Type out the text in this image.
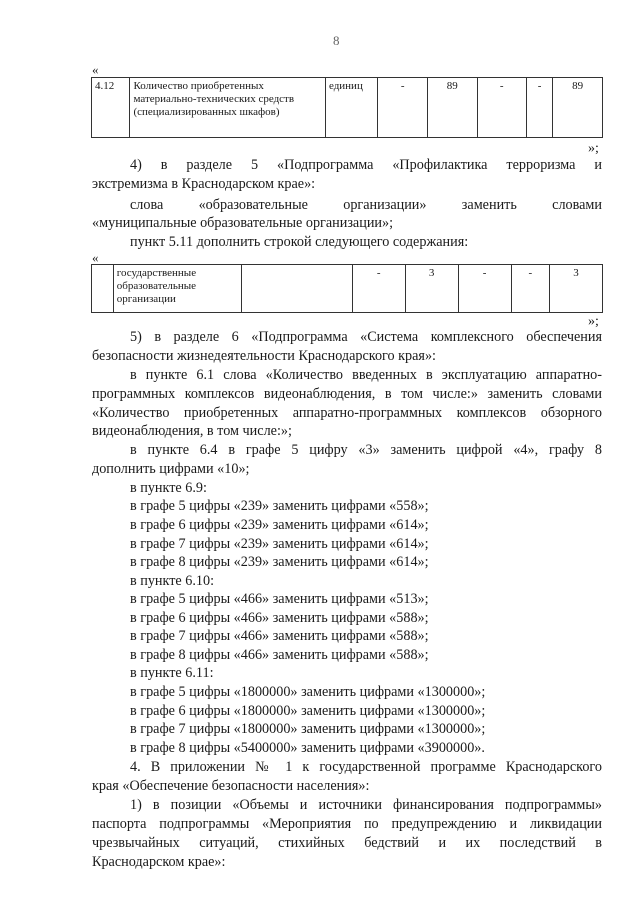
8
«
4.12	Количество приобретенных материально-технических средств (специализированных шкафов)	единиц	-	89	-	-	89
»;
4) в разделе 5 «Подпрограмма «Профилактика терроризма и
экстремизма в Краснодарском крае»:
слова «образовательные организации» заменить словами
«муниципальные образовательные организации»;
пункт 5.11 дополнить строкой следующего содержания:
«
	государственные образовательные организации		-	3	-	-	3
»;
5) в разделе 6 «Подпрограмма «Система комплексного обеспечения
безопасности жизнедеятельности Краснодарского края»:
в пункте 6.1 слова «Количество введенных в эксплуатацию аппаратно-
программных комплексов видеонаблюдения, в том числе:» заменить словами
«Количество приобретенных аппаратно-программных комплексов обзорного
видеонаблюдения, в том числе:»;
в пункте 6.4 в графе 5 цифру «3» заменить цифрой «4», графу 8
дополнить цифрами «10»;
в пункте 6.9:
в графе 5 цифры «239» заменить цифрами «558»;
в графе 6 цифры «239» заменить цифрами «614»;
в графе 7 цифры «239» заменить цифрами «614»;
в графе 8 цифры «239» заменить цифрами «614»;
в пункте 6.10:
в графе 5 цифры «466» заменить цифрами «513»;
в графе 6 цифры «466» заменить цифрами «588»;
в графе 7 цифры «466» заменить цифрами «588»;
в графе 8 цифры «466» заменить цифрами «588»;
в пункте 6.11:
в графе 5 цифры «1800000» заменить цифрами «1300000»;
в графе 6 цифры «1800000» заменить цифрами «1300000»;
в графе 7 цифры «1800000» заменить цифрами «1300000»;
в графе 8 цифры «5400000» заменить цифрами «3900000».
4. В приложении № 1 к государственной программе Краснодарского
края «Обеспечение безопасности населения»:
1) в позиции «Объемы и источники финансирования подпрограммы»
паспорта подпрограммы «Мероприятия по предупреждению и ликвидации
чрезвычайных ситуаций, стихийных бедствий и их последствий в
Краснодарском крае»:
